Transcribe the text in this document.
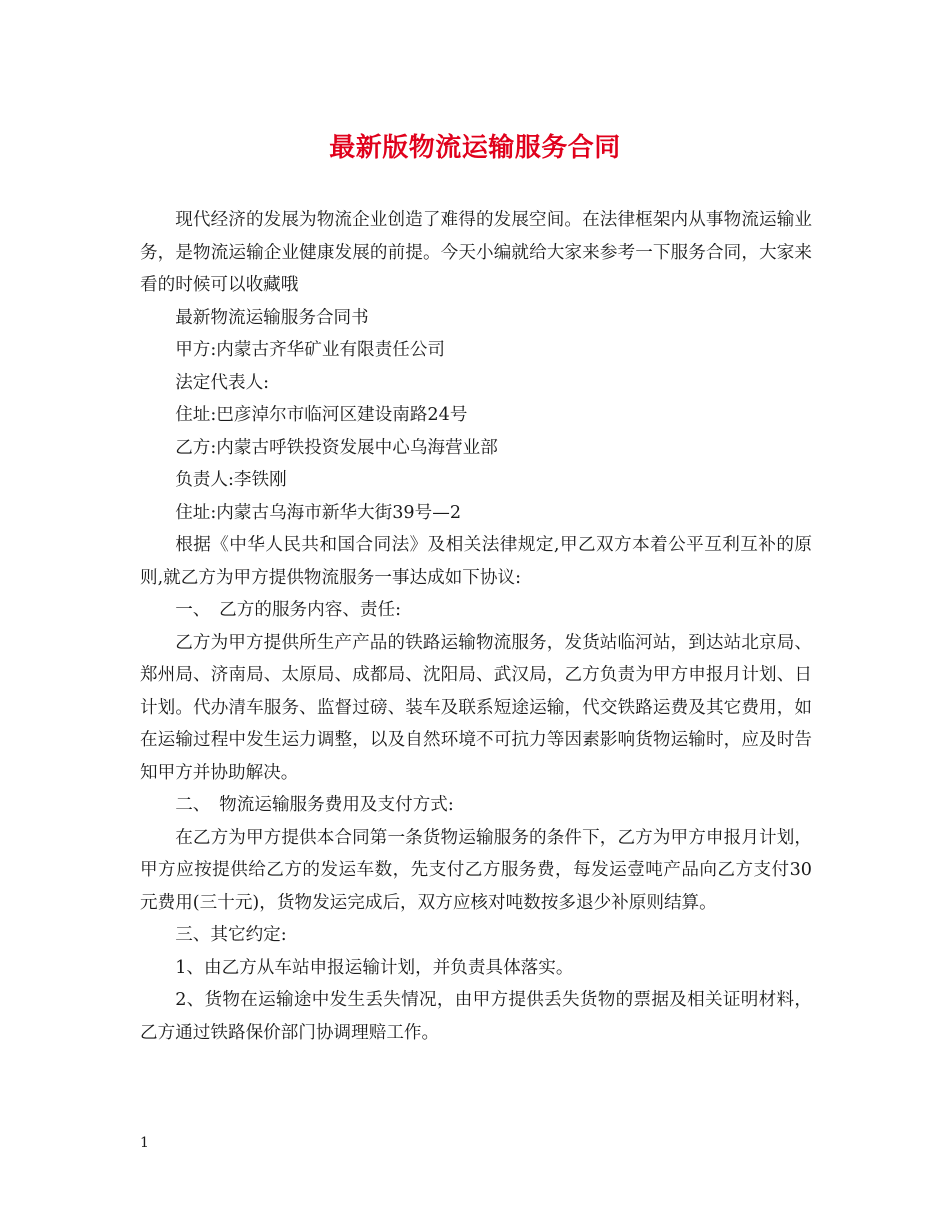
最新版物流运输服务合同

现代经济的发展为物流企业创造了难得的发展空间。在法律框架内从事物流运输业务，是物流运输企业健康发展的前提。今天小编就给大家来参考一下服务合同，大家来看的时候可以收藏哦

最新物流运输服务合同书

甲方:内蒙古齐华矿业有限责任公司

法定代表人:

住址:巴彦淖尔市临河区建设南路24号

乙方:内蒙古呼铁投资发展中心乌海营业部

负责人:李铁刚

住址:内蒙古乌海市新华大街39号—2

根据《中华人民共和国合同法》及相关法律规定,甲乙双方本着公平互利互补的原则,就乙方为甲方提供物流服务一事达成如下协议:

一、　乙方的服务内容、责任:

乙方为甲方提供所生产产品的铁路运输物流服务，发货站临河站，到达站北京局、郑州局、济南局、太原局、成都局、沈阳局、武汉局，乙方负责为甲方申报月计划、日计划。代办清车服务、监督过磅、装车及联系短途运输，代交铁路运费及其它费用，如在运输过程中发生运力调整，以及自然环境不可抗力等因素影响货物运输时，应及时告知甲方并协助解决。

二、　物流运输服务费用及支付方式:

在乙方为甲方提供本合同第一条货物运输服务的条件下，乙方为甲方申报月计划，甲方应按提供给乙方的发运车数，先支付乙方服务费，每发运壹吨产品向乙方支付30元费用(三十元)，货物发运完成后，双方应核对吨数按多退少补原则结算。

三、其它约定:

1、由乙方从车站申报运输计划，并负责具体落实。

2、货物在运输途中发生丢失情况，由甲方提供丢失货物的票据及相关证明材料，乙方通过铁路保价部门协调理赔工作。

1
